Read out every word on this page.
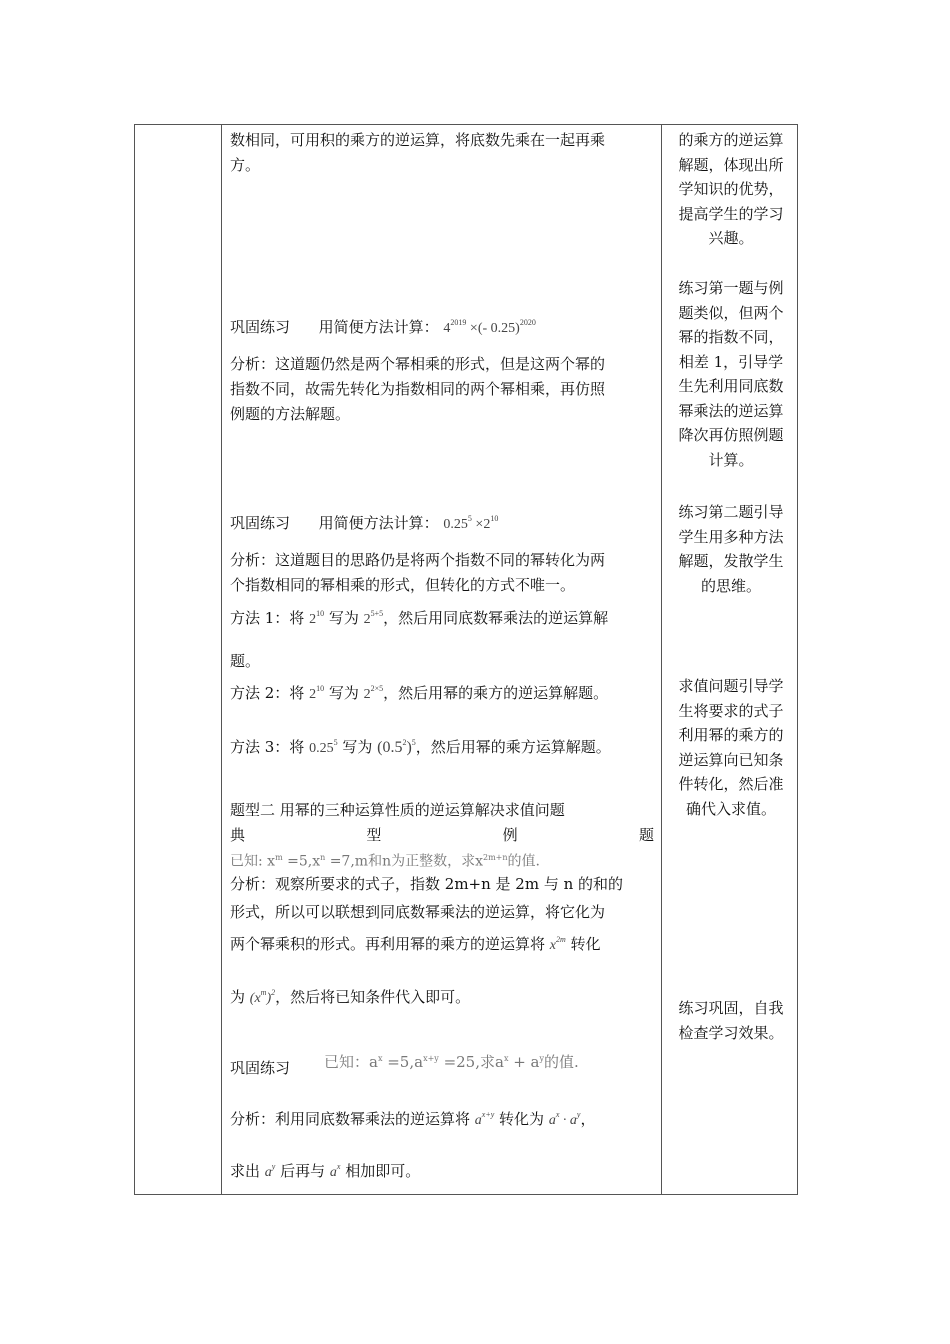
数相同，可用积的乘方的逆运算，将底数先乘在一起再乘
方。
巩固练习 用简便方法计算： $4^{2019}$ ×(- 0.25)$^{2020}$
分析：这道题仍然是两个幂相乘的形式，但是这两个幂的
指数不同，故需先转化为指数相同的两个幂相乘，再仿照
例题的方法解题。
巩固练习 用简便方法计算： $0.25^5 \times 2^{10}$
分析：这道题目的思路仍是将两个指数不同的幂转化为两
个指数相同的幂相乘的形式，但转化的方式不唯一。
方法 1：将 $2^{10}$ 写为 $2^{5+5}$，然后用同底数幂乘法的逆运算解
题。
方法 2：将 $2^{10}$ 写为 $2^{2\times 5}$，然后用幂的乘方的逆运算解题。
方法 3：将 0.25$^5$ 写为 $(0.5^2)^5$，然后用幂的乘方运算解题。
题型二 用幂的三种运算性质的逆运算解决求值问题
典	型	例	题
已知: $x^m =5,x^n =7,m$和n为正整数，求$x^{2m+n}$的值.
分析：观察所要求的式子，指数 2m+n 是 2m 与 n 的和的
形式，所以可以联想到同底数幂乘法的逆运算，将它化为
两个幂乘积的形式。再利用幂的乘方的逆运算将 $x^{2m}$ 转化
为 $(x^m)^2$，然后将已知条件代入即可。
巩固练习 已知：$a^x =5,a^{x+y} =25$,求$a^x + a^y$的值.
分析：利用同底数幂乘法的逆运算将 $a^{x+y}$ 转化为 $a^x \cdot a^y$，
求出 $a^y$ 后再与 $a^x$ 相加即可。
的乘方的逆运算
解题，体现出所
学知识的优势，
提高学生的学习
兴趣。
练习第一题与例
题类似，但两个
幂的指数不同，
相差 1，引导学
生先利用同底数
幂乘法的逆运算
降次再仿照例题
计算。
练习第二题引导
学生用多种方法
解题，发散学生
的思维。
求值问题引导学
生将要求的式子
利用幂的乘方的
逆运算向已知条
件转化，然后准
确代入求值。
练习巩固，自我
检查学习效果。
